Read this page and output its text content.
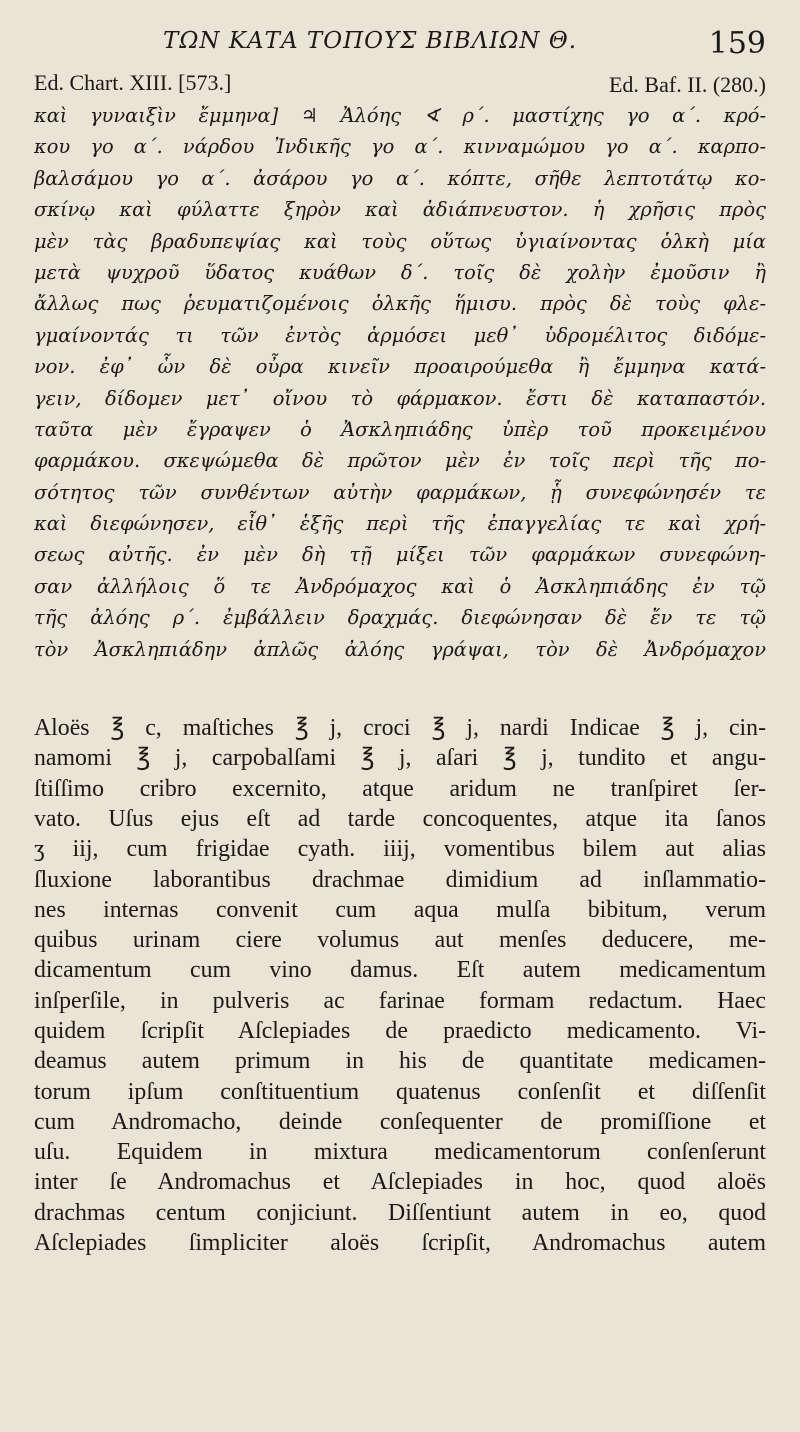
ΤΩΝ ΚΑΤΑ ΤΟΠΟΥΣ ΒΙΒΛΙΩΝ Θ.	159
Ed. Chart. XIII. [573.]	Ed. Baf. II. (280.)
καὶ γυναιξὶν ἔμμηνα] ♃ Ἀλόης ∢ ρ΄. μαστίχης γο α΄. κρό-
κου γο α΄. νάρδου Ἰνδικῆς γο α΄. κινναμώμου γο α΄. καρπο-
βαλσάμου γο α΄. ἀσάρου γο α΄. κόπτε, σῆθε λεπτοτάτῳ κο-
σκίνῳ καὶ φύλαττε ξηρὸν καὶ ἀδιάπνευστον. ἡ χρῆσις πρὸς
μὲν τὰς βραδυπεψίας καὶ τοὺς οὕτως ὑγιαίνοντας ὁλκὴ μία
μετὰ ψυχροῦ ὕδατος κυάθων δ΄. τοῖς δὲ χολὴν ἐμοῦσιν ἢ
ἄλλως πως ῥευματιζομένοις ὁλκῆς ἥμισυ. πρὸς δὲ τοὺς φλε-
γμαίνοντάς τι τῶν ἐντὸς ἁρμόσει μεθ᾽ ὑδρομέλιτος διδόμε-
νον. ἐφ᾽ ὧν δὲ οὖρα κινεῖν προαιρούμεθα ἢ ἔμμηνα κατά-
γειν, δίδομεν μετ᾽ οἴνου τὸ φάρμακον. ἔστι δὲ καταπαστόν.
ταῦτα μὲν ἔγραψεν ὁ Ἀσκληπιάδης ὑπὲρ τοῦ προκειμένου
φαρμάκου. σκεψώμεθα δὲ πρῶτον μὲν ἐν τοῖς περὶ τῆς πο-
σότητος τῶν συνθέντων αὐτὴν φαρμάκων, ᾗ συνεφώνησέν τε
καὶ διεφώνησεν, εἶθ᾽ ἑξῆς περὶ τῆς ἐπαγγελίας τε καὶ χρή-
σεως αὐτῆς. ἐν μὲν δὴ τῇ μίξει τῶν φαρμάκων συνεφώνη-
σαν ἀλλήλοις ὅ τε Ἀνδρόμαχος καὶ ὁ Ἀσκληπιάδης ἐν τῷ
τῆς ἀλόης ρ΄. ἐμβάλλειν δραχμάς. διεφώνησαν δὲ ἔν τε τῷ
τὸν Ἀσκληπιάδην ἁπλῶς ἀλόης γράψαι, τὸν δὲ Ἀνδρόμαχον
Aloës ℥ c, maſtiches ℥ j, croci ℥ j, nardi Indicae ℥ j, cin-
namomi ℥ j, carpobalſami ℥ j, aſari ℥ j, tundito et angu-
ſtiſſimo cribro excernito, atque aridum ne tranſpiret ſer-
vato. Uſus ejus eſt ad tarde concoquentes, atque ita ſanos
ʒ iij, cum frigidae cyath. iiij, vomentibus bilem aut alias
ſluxione laborantibus drachmae dimidium ad inſlammatio-
nes internas convenit cum aqua mulſa bibitum, verum
quibus urinam ciere volumus aut menſes deducere, me-
dicamentum cum vino damus. Eſt autem medicamentum
inſperſile, in pulveris ac farinae formam redactum. Haec
quidem ſcripſit Aſclepiades de praedicto medicamento. Vi-
deamus autem primum in his de quantitate medicamen-
torum ipſum conſtituentium quatenus conſenſit et diſſenſit
cum Andromacho, deinde conſequenter de promiſſione et
uſu. Equidem in mixtura medicamentorum conſenſerunt
inter ſe Andromachus et Aſclepiades in hoc, quod aloës
drachmas centum conjiciunt. Diſſentiunt autem in eo, quod
Aſclepiades ſimpliciter aloës ſcripſit, Andromachus autem
